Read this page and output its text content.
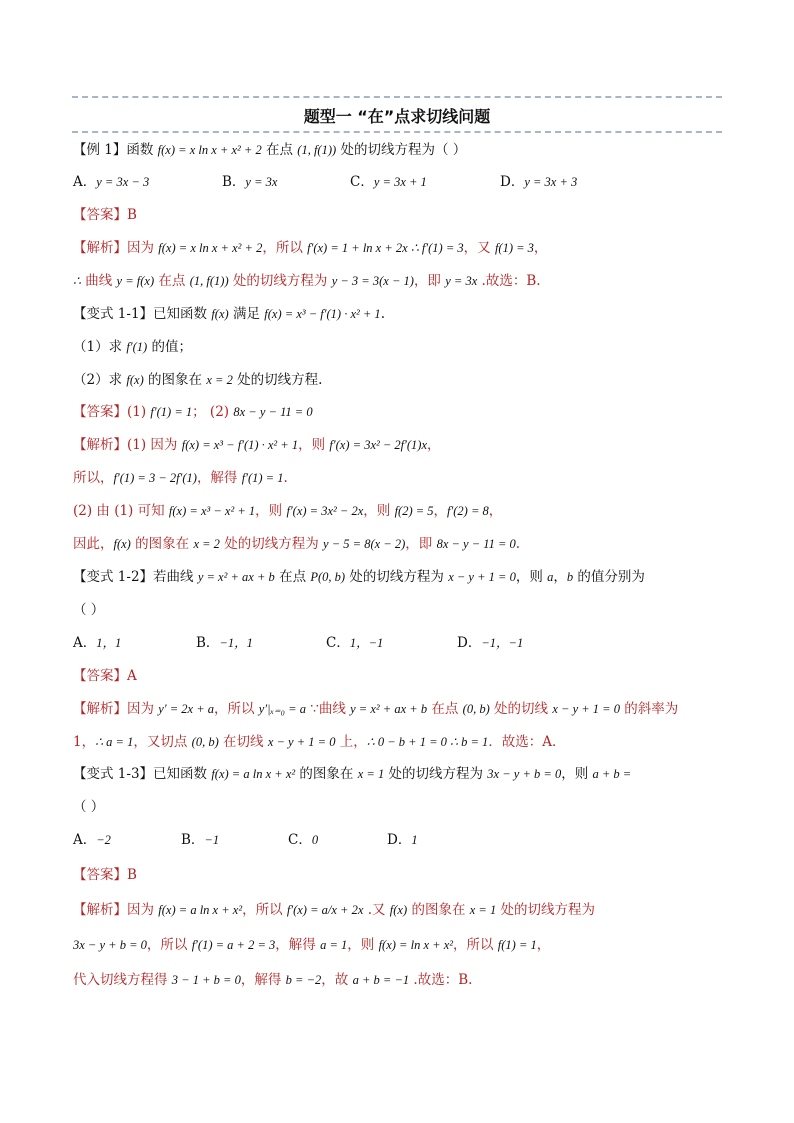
题型一 “在”点求切线问题
【例 1】函数 f(x) = x ln x + x² + 2 在点 (1, f(1)) 处的切线方程为（ ）
A．y = 3x − 3	B．y = 3x	C．y = 3x + 1	D．y = 3x + 3
【答案】B
【解析】因为 f(x) = x ln x + x² + 2，所以 f′(x) = 1 + ln x + 2x ∴ f′(1) = 3，又 f(1) = 3，
∴ 曲线 y = f(x) 在点 (1, f(1)) 处的切线方程为 y − 3 = 3(x − 1)，即 y = 3x .故选：B.
【变式 1-1】已知函数 f(x) 满足 f(x) = x³ − f′(1) · x² + 1.
（1）求 f′(1) 的值；
（2）求 f(x) 的图象在 x = 2 处的切线方程.
【答案】(1) f′(1) = 1； (2) 8x − y − 11 = 0
【解析】(1) 因为 f(x) = x³ − f′(1) · x² + 1，则 f′(x) = 3x² − 2f′(1)x，
所以，f′(1) = 3 − 2f′(1)，解得 f′(1) = 1.
(2) 由 (1) 可知 f(x) = x³ − x² + 1，则 f′(x) = 3x² − 2x，则 f(2) = 5，f′(2) = 8，
因此，f(x) 的图象在 x = 2 处的切线方程为 y − 5 = 8(x − 2)，即 8x − y − 11 = 0.
【变式 1-2】若曲线 y = x² + ax + b 在点 P(0, b) 处的切线方程为 x − y + 1 = 0，则 a，b 的值分别为
（ ）
A．1，1	B．−1，1	C．1，−1	D．−1，−1
【答案】A
【解析】因为 y′ = 2x + a，所以 y′|ₓ₌₀ = a ∵曲线 y = x² + ax + b 在点 (0, b) 处的切线 x − y + 1 = 0 的斜率为
1，∴ a = 1，又切点 (0, b) 在切线 x − y + 1 = 0 上，∴ 0 − b + 1 = 0 ∴ b = 1．故选：A．
【变式 1-3】已知函数 f(x) = a ln x + x² 的图象在 x = 1 处的切线方程为 3x − y + b = 0，则 a + b =
（ ）
A．−2	B．−1	C．0	D．1
【答案】B
【解析】因为 f(x) = a ln x + x²，所以 f′(x) = a/x + 2x .又 f(x) 的图象在 x = 1 处的切线方程为
3x − y + b = 0，所以 f′(1) = a + 2 = 3，解得 a = 1，则 f(x) = ln x + x²，所以 f(1) = 1，
代入切线方程得 3 − 1 + b = 0，解得 b = −2，故 a + b = −1 .故选：B.
